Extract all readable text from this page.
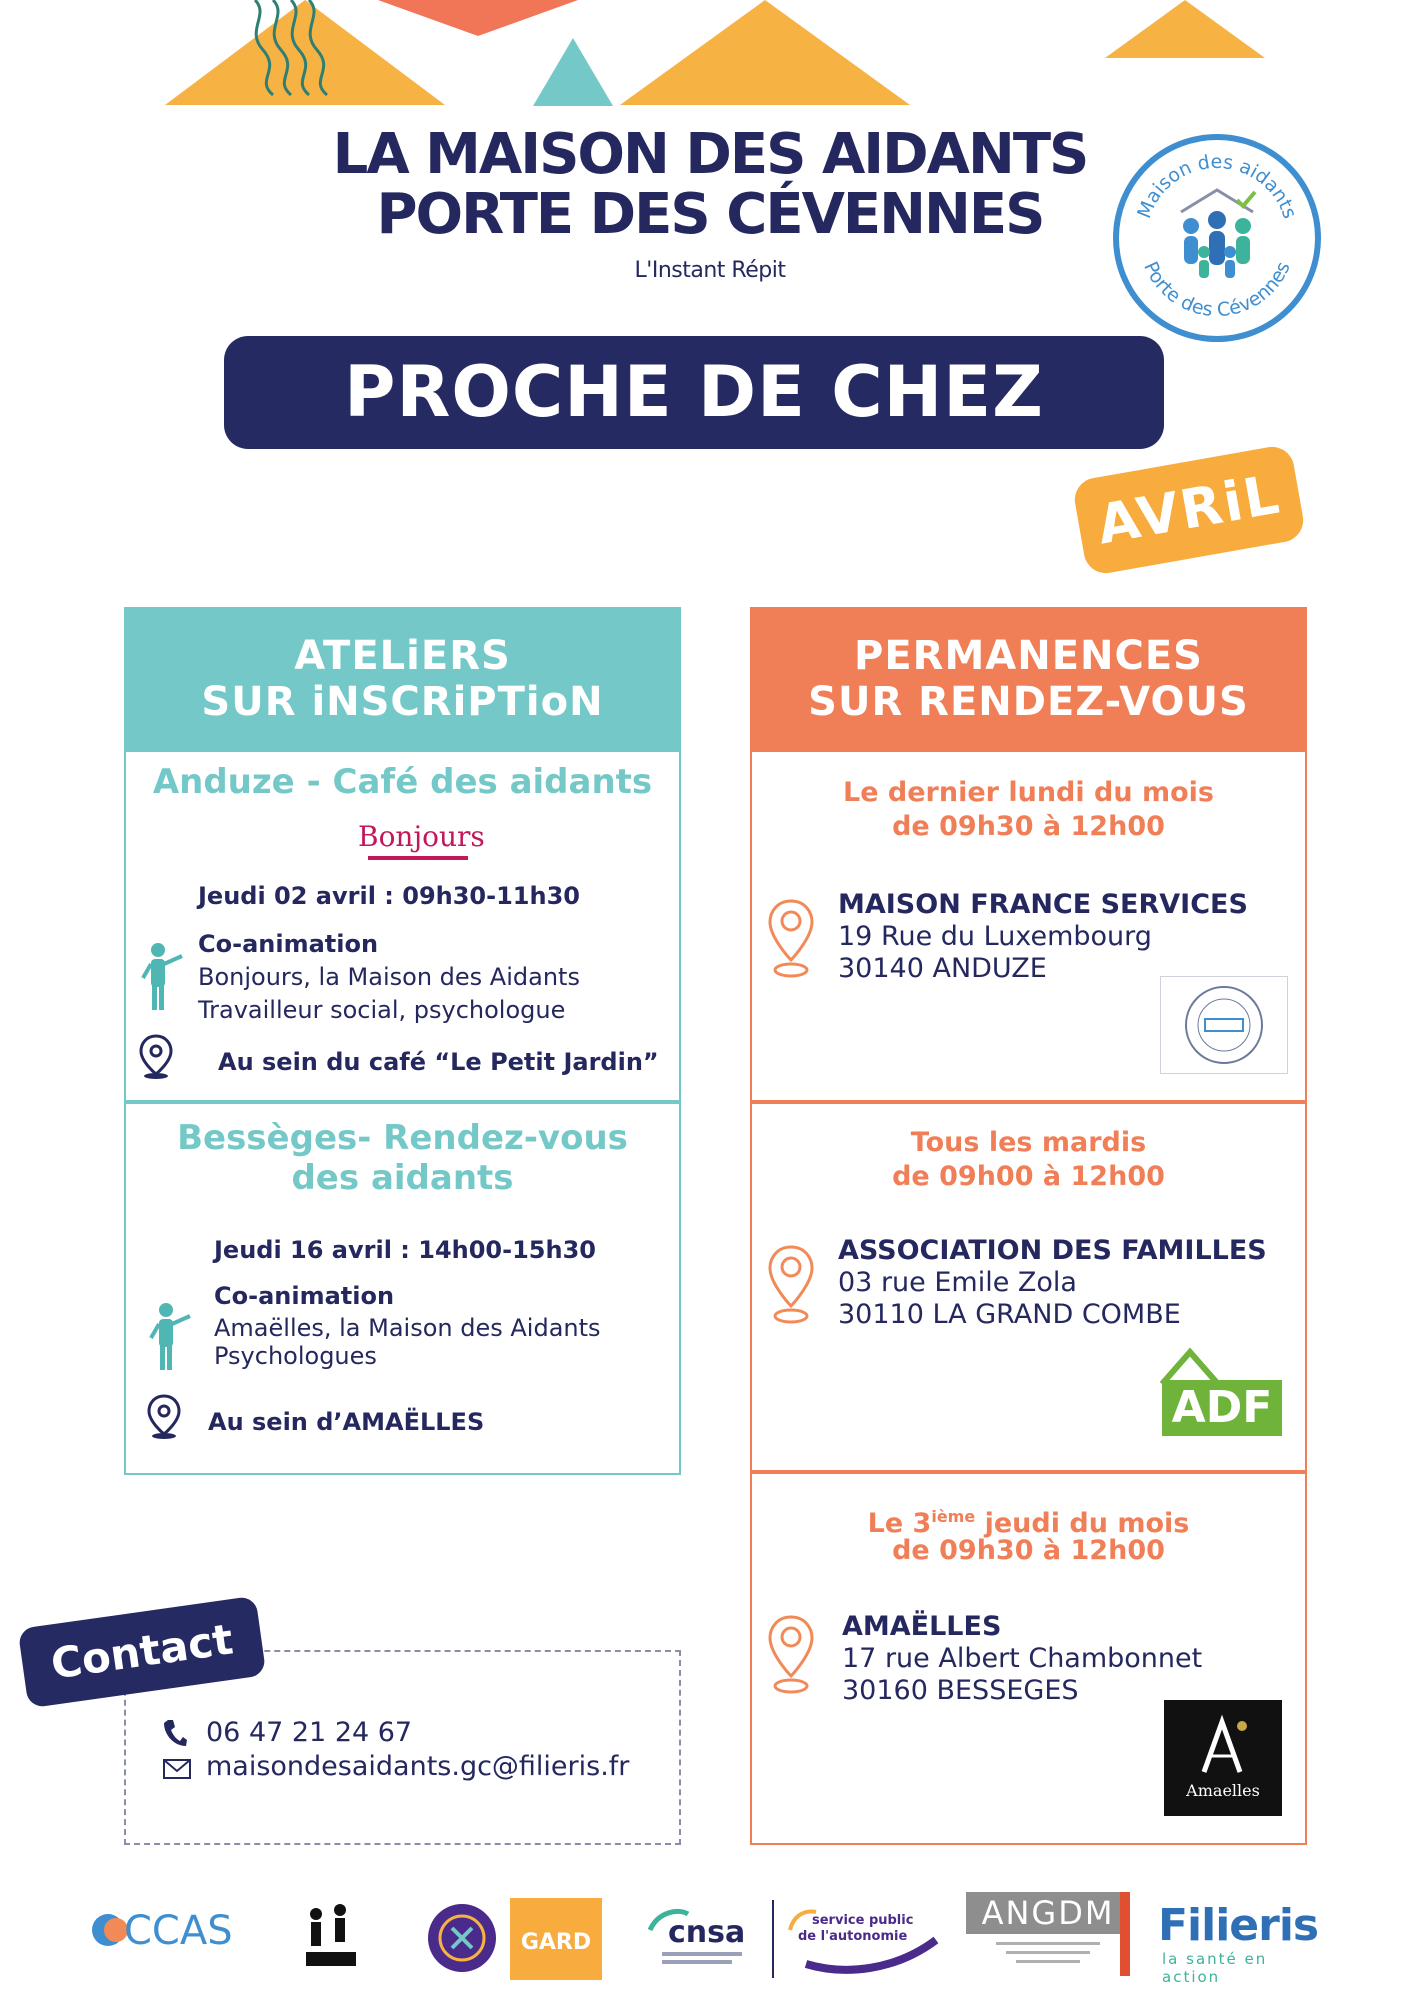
LA MAISON DES AIDANTS
PORTE DES CÉVENNES
L'Instant Répit
Maison des aidants
Porte des Cévennes
PROCHE DE CHEZ VOUS	AVRiL
ATELiERS
SUR iNSCRiPTioN
Anduze - Café des aidants
Bonjours
Jeudi 02 avril : 09h30-11h30
Co-animation
Bonjours, la Maison des Aidants
Travailleur social, psychologue
Au sein du café “Le Petit Jardin”
Bessèges- Rendez-vous
des aidants
Jeudi 16 avril : 14h00-15h30
Co-animation
Amaëlles, la Maison des Aidants
Psychologues
Au sein d’AMAËLLES
PERMANENCES
SUR RENDEZ-VOUS
Le dernier lundi du mois
de 09h30 à 12h00
MAISON FRANCE SERVICES
19 Rue du Luxembourg
30140 ANDUZE
Tous les mardis
de 09h00 à 12h00
ASSOCIATION DES FAMILLES
03 rue Emile Zola
30110 LA GRAND COMBE
ADF
Le 3ième jeudi du mois
de 09h30 à 12h00
AMAËLLES
17 rue Albert Chambonnet
30160 BESSEGES
Amaelles
Contact
06 47 21 24 67
maisondesaidants.gc@filieris.fr
CCAS	GARD	cnsa	service public
de l'autonomie
ANGDM Filieris
la santé en action
